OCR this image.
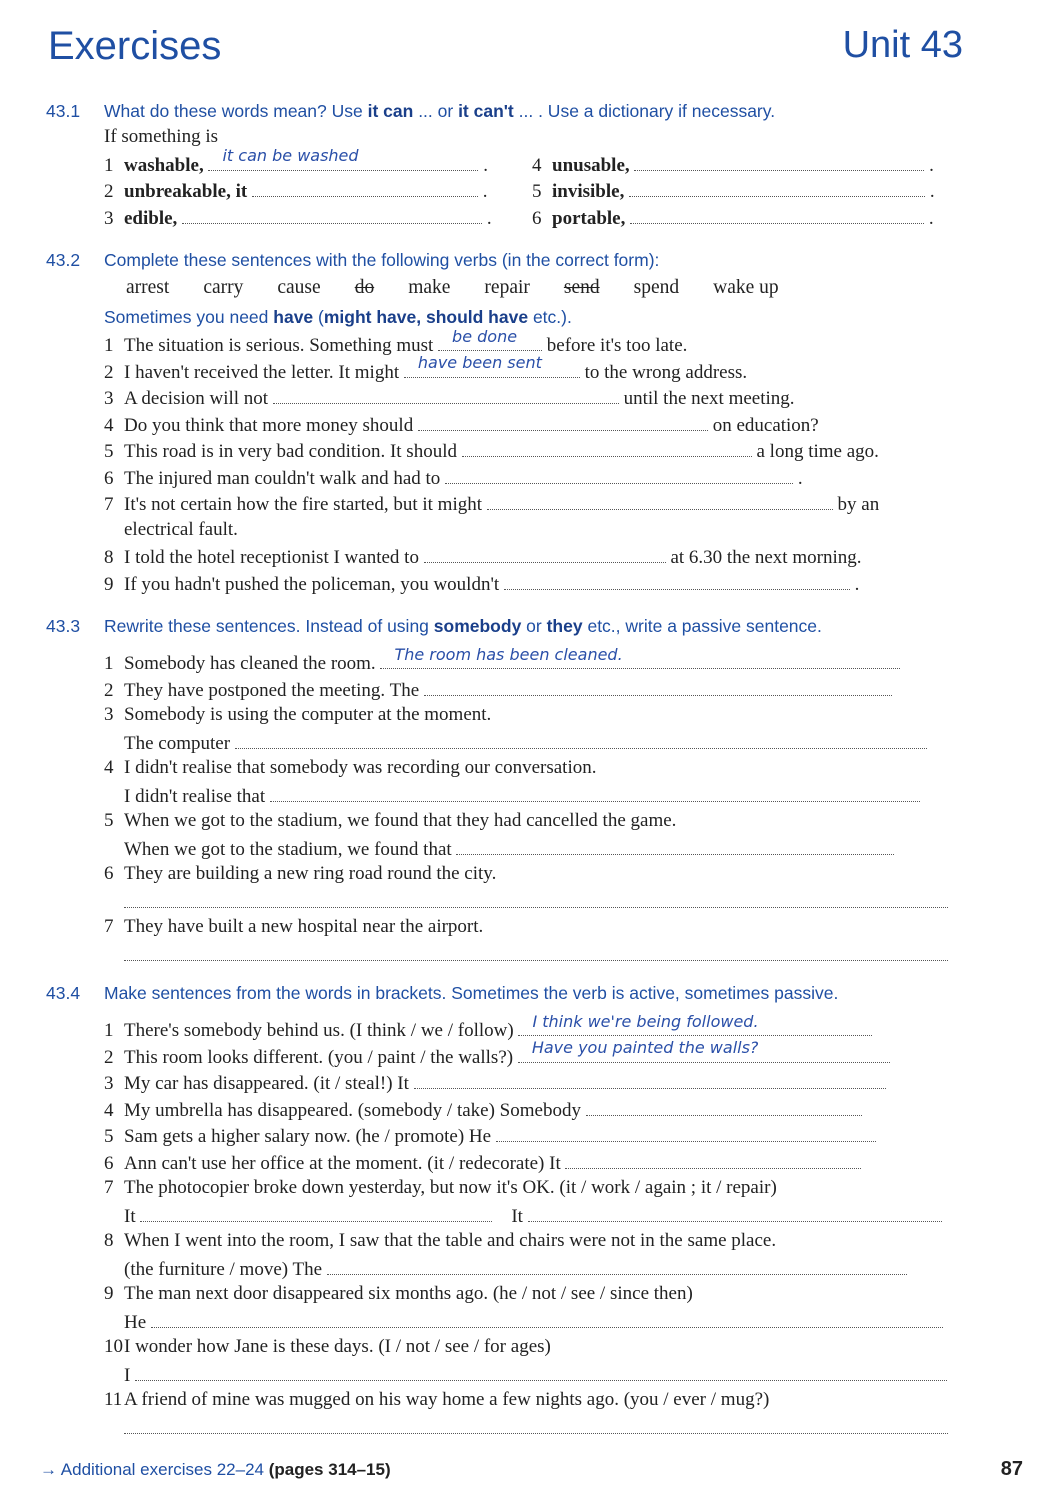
Exercises	Unit 43
43.1 What do these words mean? Use it can ... or it can't ... . Use a dictionary if necessary.
If something is
1 washable, it can be washed	. 4 unusable,	.
2 unbreakable, it	. 5 invisible,	.
3 edible,	. 6 portable,	.
43.2 Complete these sentences with the following verbs (in the correct form):
arrest carry cause do make repair send spend wake up
Sometimes you need have (might have, should have etc.).
1 The situation is serious. Something must be done before it's too late.
2 I haven't received the letter. It might have been sent to the wrong address.
3 A decision will not	until the next meeting.
4 Do you think that more money should	on education?
5 This road is in very bad condition. It should	a long time ago.
6 The injured man couldn't walk and had to	.
7 It's not certain how the fire started, but it might	by an
electrical fault.
8 I told the hotel receptionist I wanted to	at 6.30 the next morning.
9 If you hadn't pushed the policeman, you wouldn't	.
43.3 Rewrite these sentences. Instead of using somebody or they etc., write a passive sentence.
1 Somebody has cleaned the room. The room has been cleaned.
2 They have postponed the meeting. The
3 Somebody is using the computer at the moment.
The computer
4 I didn't realise that somebody was recording our conversation.
I didn't realise that
5 When we got to the stadium, we found that they had cancelled the game.
When we got to the stadium, we found that
6 They are building a new ring road round the city.
7 They have built a new hospital near the airport.
43.4 Make sentences from the words in brackets. Sometimes the verb is active, sometimes passive.
1 There's somebody behind us. (I think / we / follow) I think we're being followed.
2 This room looks different. (you / paint / the walls?) Have you painted the walls?
3 My car has disappeared. (it / steal!) It
4 My umbrella has disappeared. (somebody / take) Somebody
5 Sam gets a higher salary now. (he / promote) He
6 Ann can't use her office at the moment. (it / redecorate) It
7 The photocopier broke down yesterday, but now it's OK. (it / work / again ; it / repair)
It	It
8 When I went into the room, I saw that the table and chairs were not in the same place.
(the furniture / move) The
9 The man next door disappeared six months ago. (he / not / see / since then)
He
10I wonder how Jane is these days. (I / not / see / for ages)
I
11A friend of mine was mugged on his way home a few nights ago. (you / ever / mug?)
→ Additional exercises 22–24 (pages 314–15)	87
